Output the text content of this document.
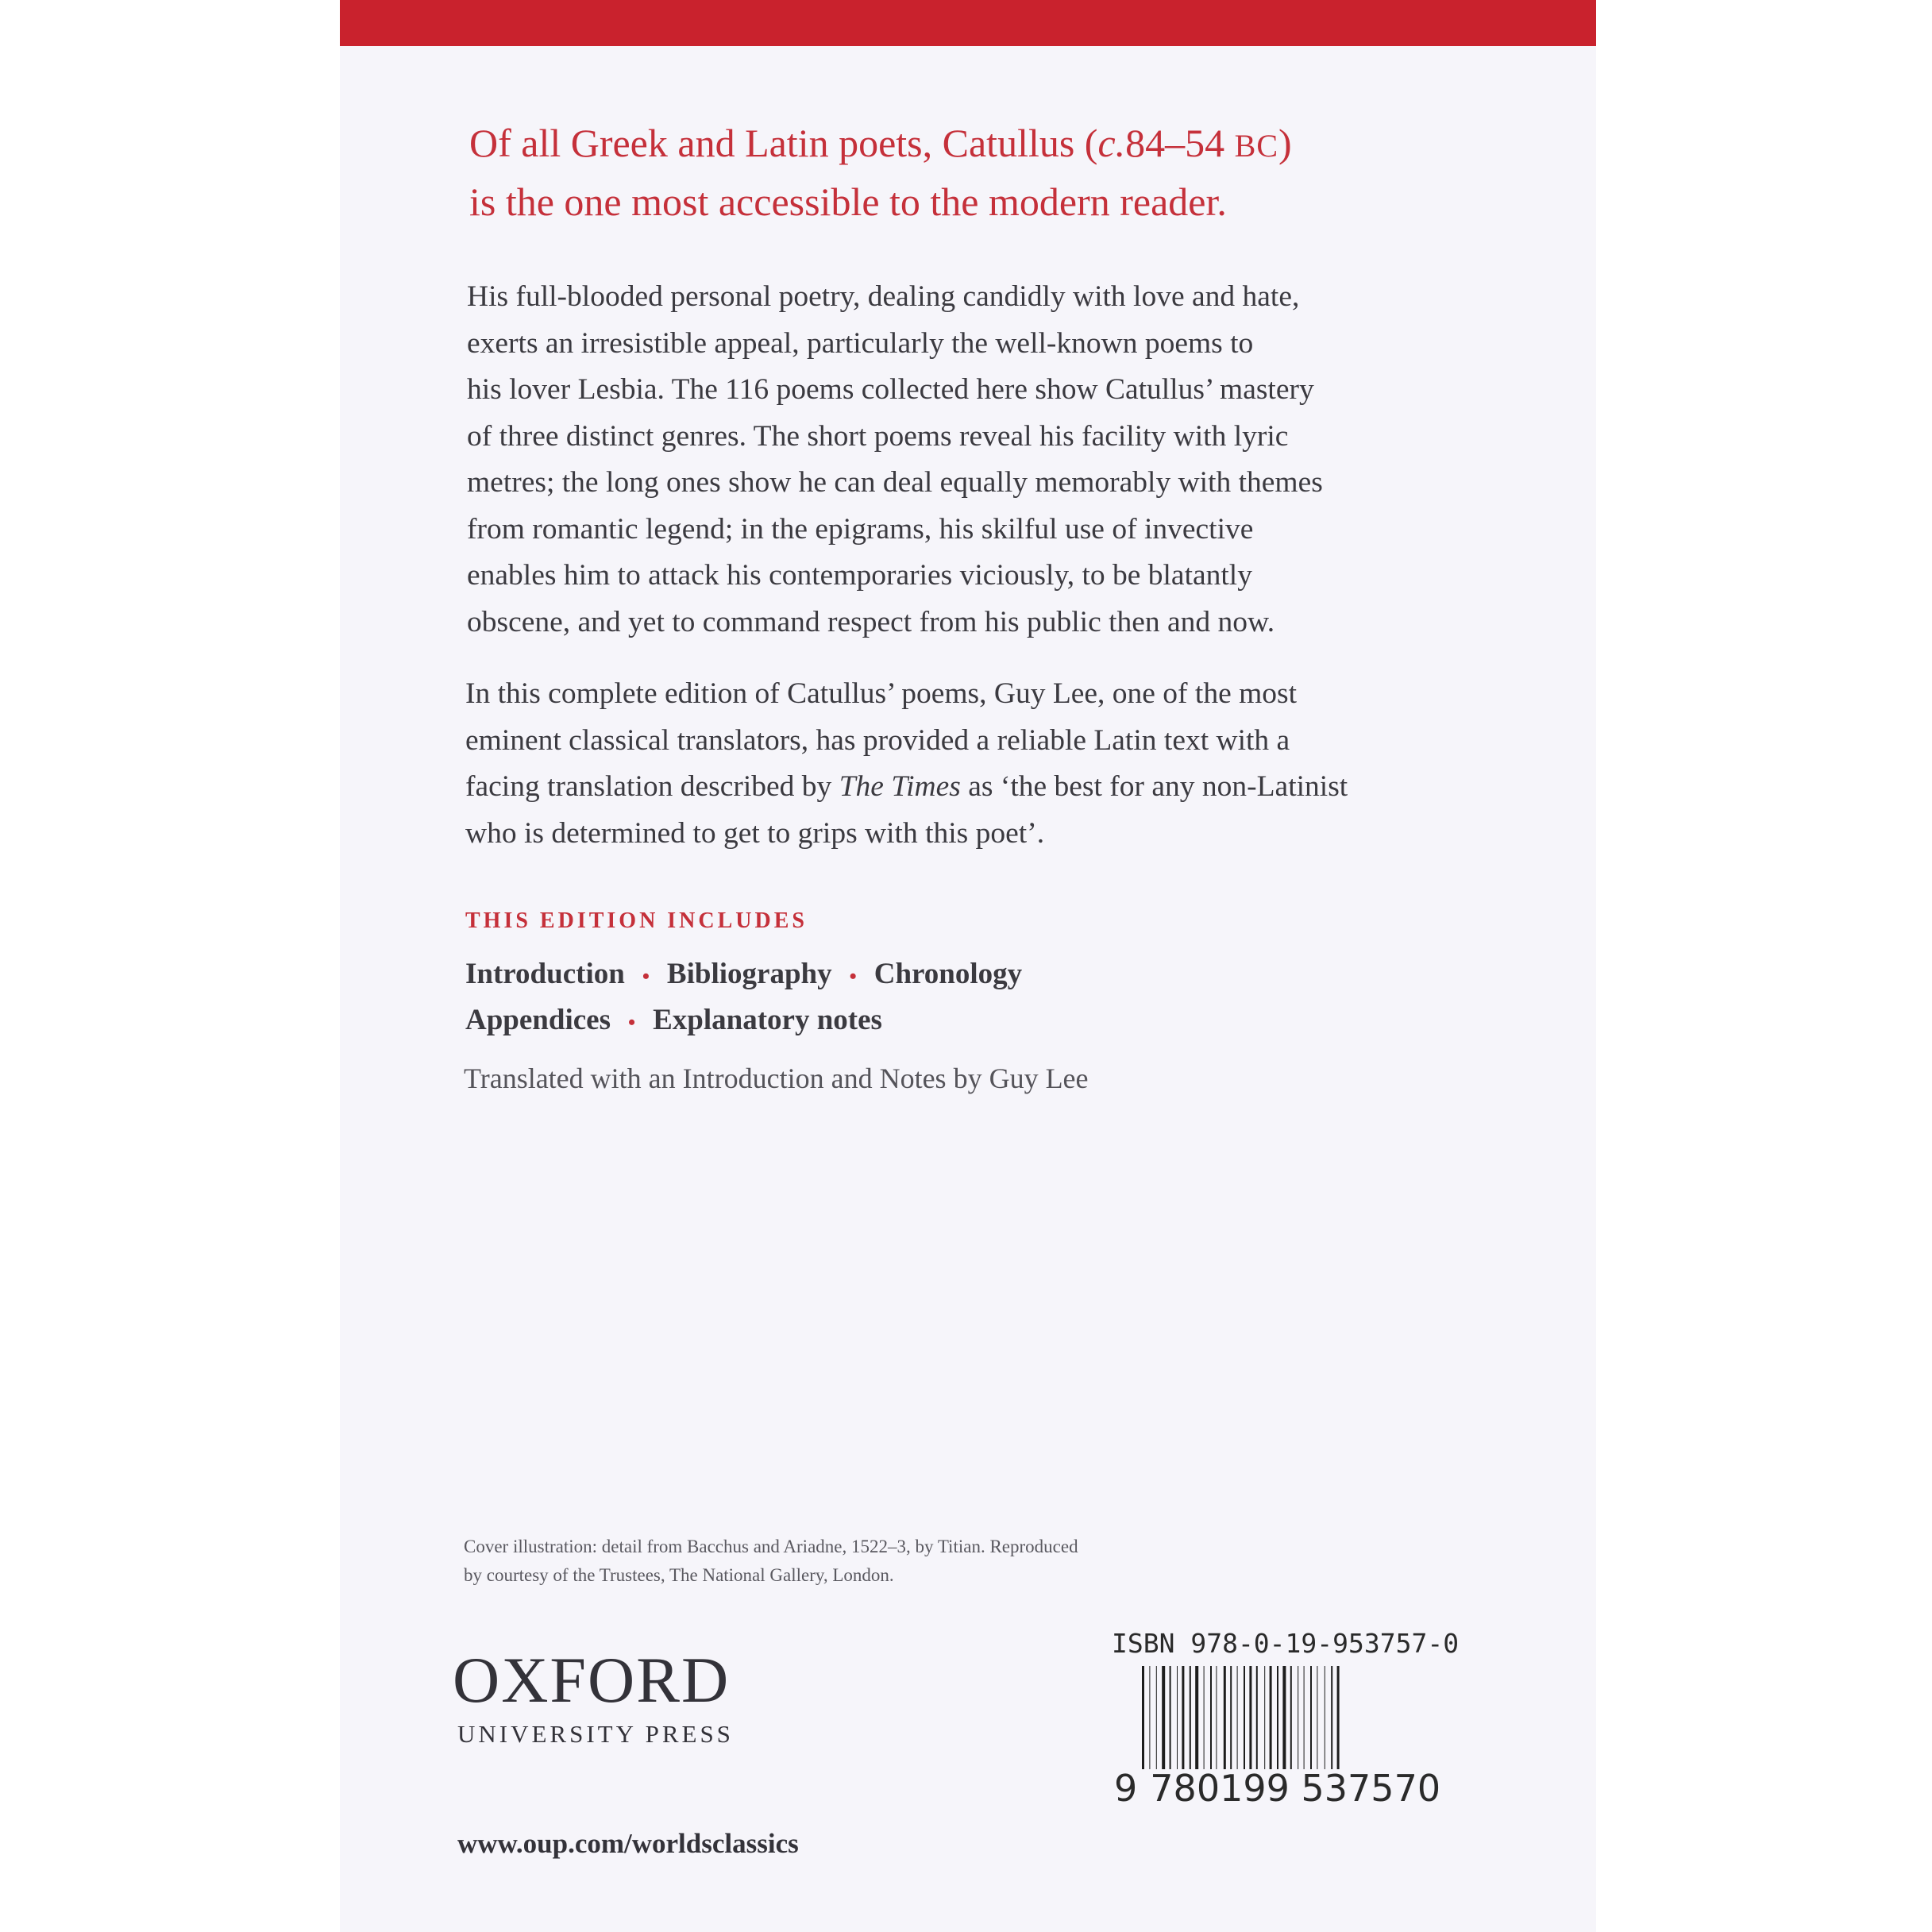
Of all Greek and Latin poets, Catullus (c.84–54 BC)
is the one most accessible to the modern reader.

His full-blooded personal poetry, dealing candidly with love and hate,
exerts an irresistible appeal, particularly the well-known poems to
his lover Lesbia. The 116 poems collected here show Catullus’ mastery
of three distinct genres. The short poems reveal his facility with lyric
metres; the long ones show he can deal equally memorably with themes
from romantic legend; in the epigrams, his skilful use of invective
enables him to attack his contemporaries viciously, to be blatantly
obscene, and yet to command respect from his public then and now.

In this complete edition of Catullus’ poems, Guy Lee, one of the most
eminent classical translators, has provided a reliable Latin text with a
facing translation described by The Times as ‘the best for any non-Latinist
who is determined to get to grips with this poet’.

THIS EDITION INCLUDES
Introduction • Bibliography • Chronology
Appendices • Explanatory notes

Translated with an Introduction and Notes by Guy Lee

Cover illustration: detail from Bacchus and Ariadne, 1522–3, by Titian. Reproduced
by courtesy of the Trustees, The National Gallery, London.

OXFORD
UNIVERSITY PRESS

ISBN 978-0-19-953757-0

9 780199 537570

www.oup.com/worldsclassics
